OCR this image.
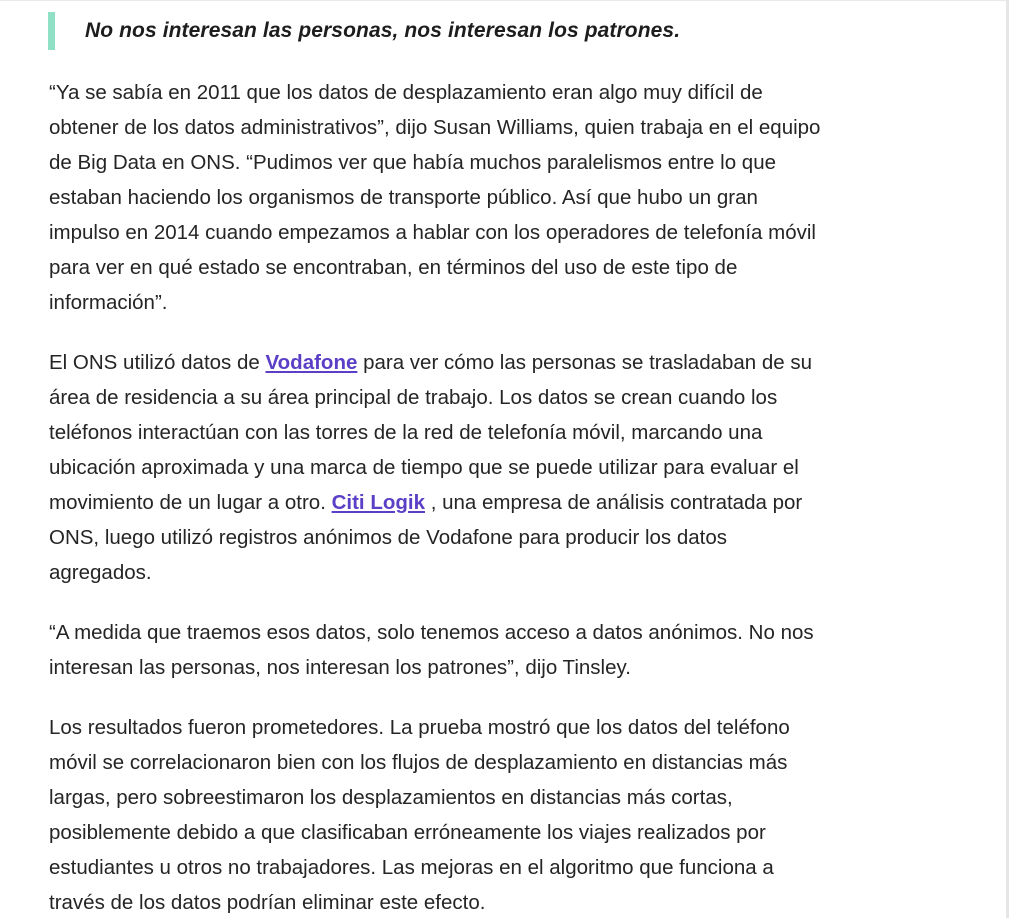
No nos interesan las personas, nos interesan los patrones.

“Ya se sabía en 2011 que los datos de desplazamiento eran algo muy difícil de
obtener de los datos administrativos”, dijo Susan Williams, quien trabaja en el equipo
de Big Data en ONS. “Pudimos ver que había muchos paralelismos entre lo que
estaban haciendo los organismos de transporte público. Así que hubo un gran
impulso en 2014 cuando empezamos a hablar con los operadores de telefonía móvil
para ver en qué estado se encontraban, en términos del uso de este tipo de
información”.

El ONS utilizó datos de Vodafone para ver cómo las personas se trasladaban de su
área de residencia a su área principal de trabajo. Los datos se crean cuando los
teléfonos interactúan con las torres de la red de telefonía móvil, marcando una
ubicación aproximada y una marca de tiempo que se puede utilizar para evaluar el
movimiento de un lugar a otro. Citi Logik , una empresa de análisis contratada por
ONS, luego utilizó registros anónimos de Vodafone para producir los datos
agregados.

“A medida que traemos esos datos, solo tenemos acceso a datos anónimos. No nos
interesan las personas, nos interesan los patrones”, dijo Tinsley.

Los resultados fueron prometedores. La prueba mostró que los datos del teléfono
móvil se correlacionaron bien con los flujos de desplazamiento en distancias más
largas, pero sobreestimaron los desplazamientos en distancias más cortas,
posiblemente debido a que clasificaban erróneamente los viajes realizados por
estudiantes u otros no trabajadores. Las mejoras en el algoritmo que funciona a
través de los datos podrían eliminar este efecto.
